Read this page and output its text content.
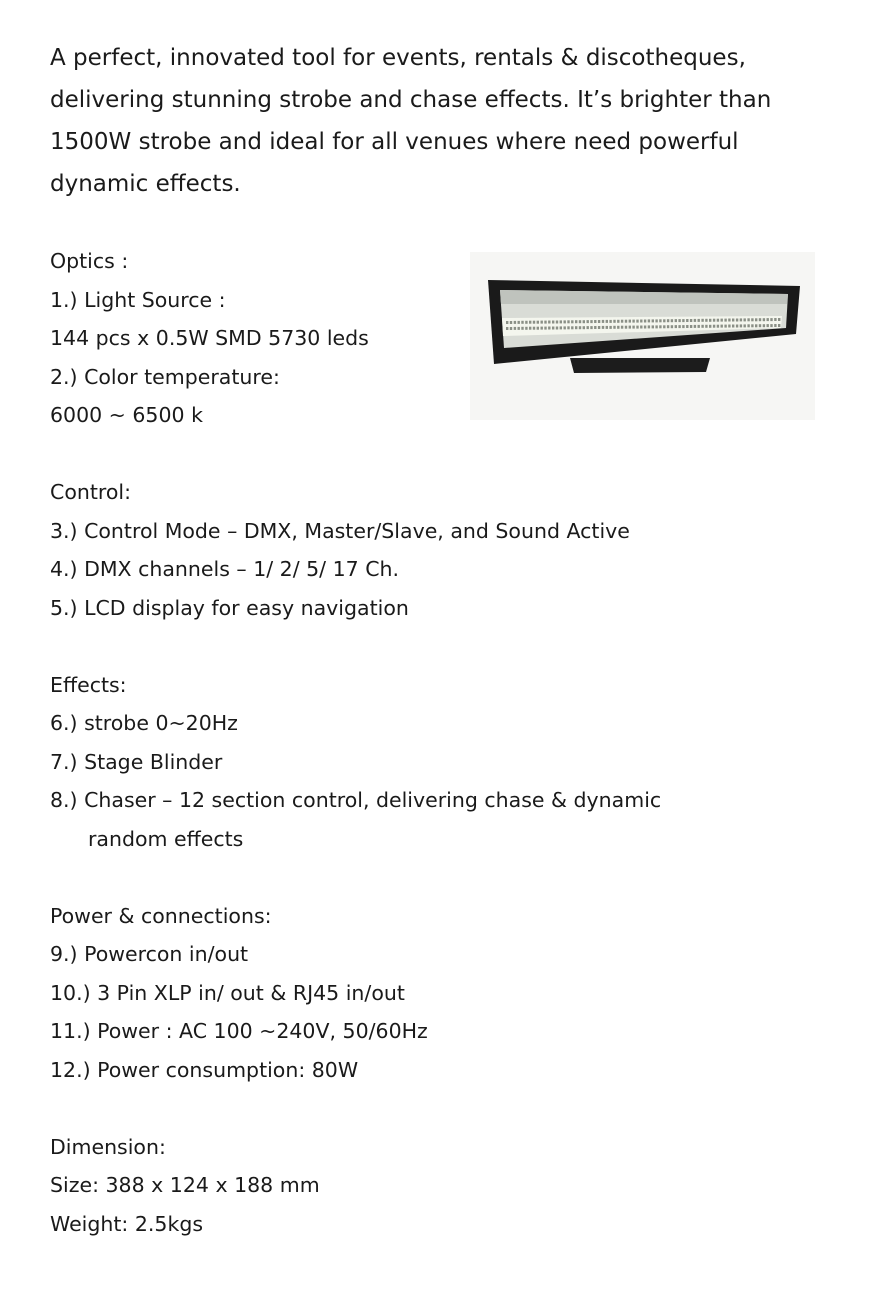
A perfect, innovated tool for events, rentals & discotheques,
delivering stunning strobe and chase effects. It’s brighter than
1500W strobe and ideal for all venues where need powerful
dynamic effects.
Optics :
1.) Light Source :
144 pcs x 0.5W SMD 5730 leds
2.) Color temperature:
6000 ~ 6500 k
Control:
3.) Control Mode – DMX, Master/Slave, and Sound Active
4.) DMX channels – 1/ 2/ 5/ 17 Ch.
5.) LCD display for easy navigation
Effects:
6.) strobe 0~20Hz
7.) Stage Blinder
8.) Chaser – 12 section control, delivering chase & dynamic
random effects
Power & connections:
9.) Powercon in/out
10.) 3 Pin XLP in/ out & RJ45 in/out
11.) Power : AC 100 ~240V, 50/60Hz
12.) Power consumption: 80W
Dimension:
Size: 388 x 124 x 188 mm
Weight: 2.5kgs
